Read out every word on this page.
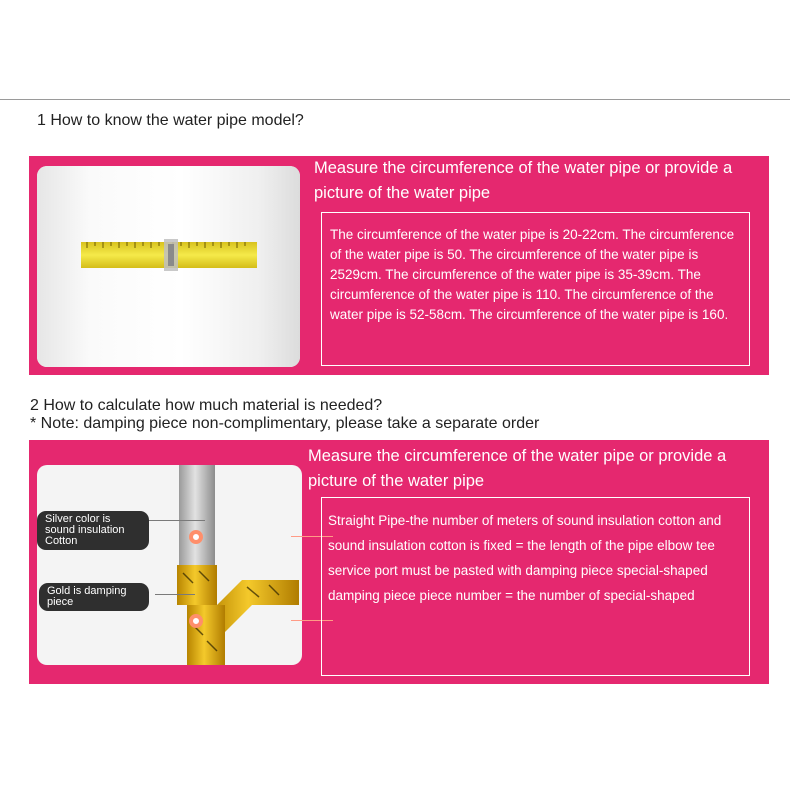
1 How to know the water pipe model?
Measure the circumference of the water pipe or provide a picture of the water pipe
The circumference of the water pipe is 20-22cm. The circumference of the water pipe is 50. The circumference of the water pipe is 2529cm. The circumference of the water pipe is 35-39cm. The circumference of the water pipe is 110. The circumference of the water pipe is 52-58cm. The circumference of the water pipe is 160.
2 How to calculate how much material is needed?
* Note: damping piece non-complimentary, please take a separate order
Silver color is sound insulation Cotton
Gold is damping piece
Measure the circumference of the water pipe or provide a picture of the water pipe
Straight Pipe-the number of meters of sound insulation cotton and sound insulation cotton is fixed = the length of the pipe elbow tee service port must be pasted with damping piece special-shaped damping piece piece number = the number of special-shaped
